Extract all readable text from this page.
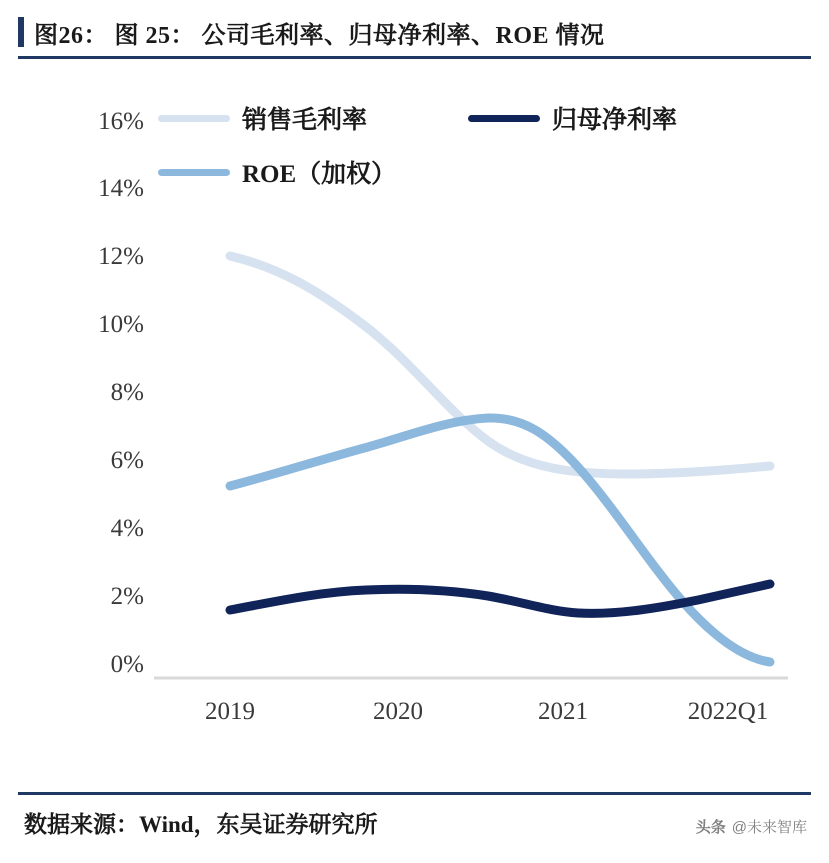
图26： 图 25： 公司毛利率、归母净利率、ROE 情况
16%
14%
12%
10%
8%
6%
4%
2%
0%
2019	2020	2021	2022Q1
销售毛利率	归母净利率
ROE（加权）
数据来源：Wind，东吴证券研究所	头条 @未来智库
